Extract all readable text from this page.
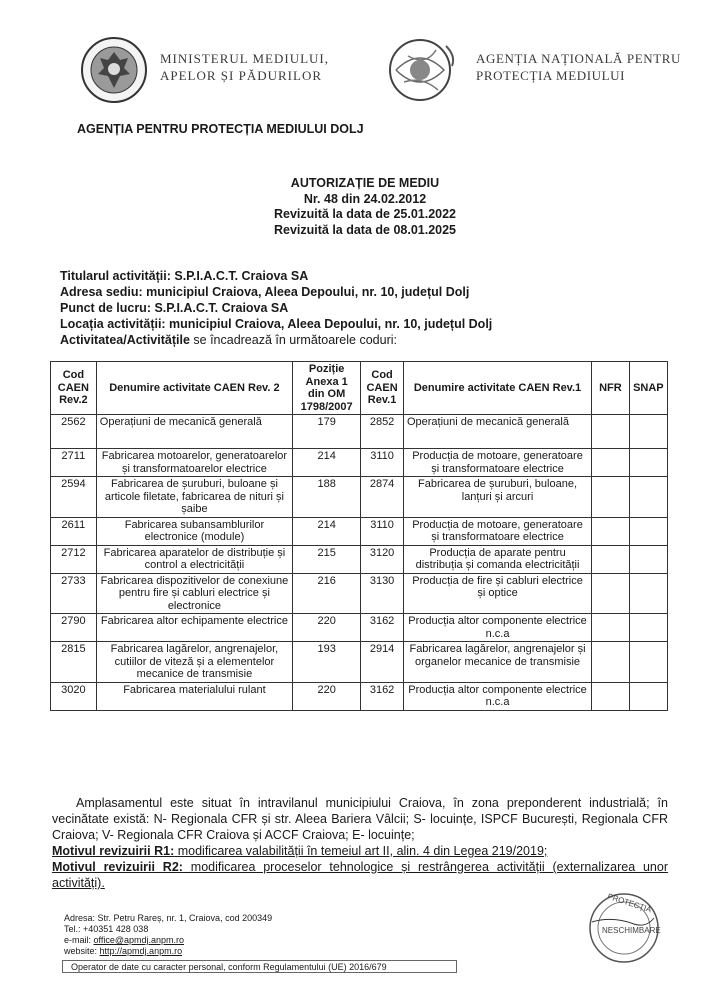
MINISTERUL MEDIULUI,
APELOR ȘI PĂDURILOR
AGENȚIA NAȚIONALĂ PENTRU
PROTECȚIA MEDIULUI
AGENȚIA PENTRU PROTECȚIA MEDIULUI DOLJ
AUTORIZAȚIE DE MEDIU
Nr. 48 din 24.02.2012
Revizuită la data de 25.01.2022
Revizuită la data de 08.01.2025
Titularul activității: S.P.I.A.C.T. Craiova SA
Adresa sediu: municipiul Craiova, Aleea Depoului, nr. 10, județul Dolj
Punct de lucru: S.P.I.A.C.T. Craiova SA
Locația activității: municipiul Craiova, Aleea Depoului, nr. 10, județul Dolj
Activitatea/Activitățile se încadrează în următoarele coduri:
Cod CAEN Rev.2	Denumire activitate CAEN Rev. 2	Poziție Anexa 1 din OM 1798/2007	Cod CAEN Rev.1	Denumire activitate CAEN Rev.1	NFR	SNAP
2562	Operațiuni de mecanică generală	179	2852	Operațiuni de mecanică generală		
2711	Fabricarea motoarelor, generatoarelor și transformatoarelor electrice	214	3110	Producția de motoare, generatoare și transformatoare electrice		
2594	Fabricarea de șuruburi, buloane și articole filetate, fabricarea de nituri și șaibe	188	2874	Fabricarea de șuruburi, buloane, lanțuri și arcuri		
2611	Fabricarea subansamblurilor electronice (module)	214	3110	Producția de motoare, generatoare și transformatoare electrice		
2712	Fabricarea aparatelor de distribuție și control a electricității	215	3120	Producția de aparate pentru distribuția și comanda electricității		
2733	Fabricarea dispozitivelor de conexiune pentru fire și cabluri electrice și electronice	216	3130	Producția de fire și cabluri electrice și optice		
2790	Fabricarea altor echipamente electrice	220	3162	Producția altor componente electrice n.c.a		
2815	Fabricarea lagărelor, angrenajelor, cutiilor de viteză și a elementelor mecanice de transmisie	193	2914	Fabricarea lagărelor, angrenajelor și organelor mecanice de transmisie		
3020	Fabricarea materialului rulant	220	3162	Producția altor componente electrice n.c.a		
Amplasamentul este situat în intravilanul municipiului Craiova, în zona preponderent industrială; în vecinătate există: N- Regionala CFR și str. Aleea Bariera Vâlcii; S- locuințe, ISPCF București, Regionala CFR Craiova; V- Regionala CFR Craiova și ACCF Craiova; E- locuințe;
Motivul revizuirii R1: modificarea valabilității în temeiul art II, alin. 4 din Legea 219/2019;
Motivul revizuirii R2: modificarea proceselor tehnologice și restrângerea activității (externalizarea unor activități).
Adresa: Str. Petru Rareș, nr. 1, Craiova, cod 200349
Tel.: +40351 428 038
e-mail: office@apmdj.anpm.ro
website: http://apmdj.anpm.ro
Operator de date cu caracter personal, conform Regulamentului (UE) 2016/679
PROTECȚIA
NESCHIMBARE
